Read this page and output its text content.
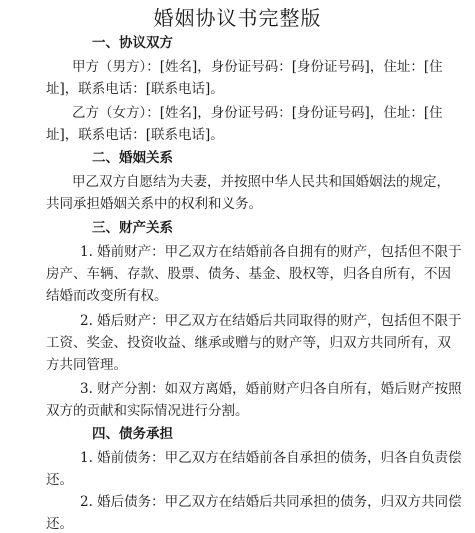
婚姻协议书完整版
一、协议双方
甲方（男方）：[姓名]，身份证号码：[身份证号码]，住址：[住
址]，联系电话：[联系电话]。
乙方（女方）：[姓名]，身份证号码：[身份证号码]，住址：[住
址]，联系电话：[联系电话]。
二、婚姻关系
甲乙双方自愿结为夫妻，并按照中华人民共和国婚姻法的规定，
共同承担婚姻关系中的权利和义务。
三、财产关系
1. 婚前财产：甲乙双方在结婚前各自拥有的财产，包括但不限于
房产、车辆、存款、股票、债务、基金、股权等，归各自所有，不因
结婚而改变所有权。
2. 婚后财产：甲乙双方在结婚后共同取得的财产，包括但不限于
工资、奖金、投资收益、继承或赠与的财产等，归双方共同所有，双
方共同管理。
3. 财产分割：如双方离婚，婚前财产归各自所有，婚后财产按照
双方的贡献和实际情况进行分割。
四、债务承担
1. 婚前债务：甲乙双方在结婚前各自承担的债务，归各自负责偿
还。
2. 婚后债务：甲乙双方在结婚后共同承担的债务，归双方共同偿
还。
